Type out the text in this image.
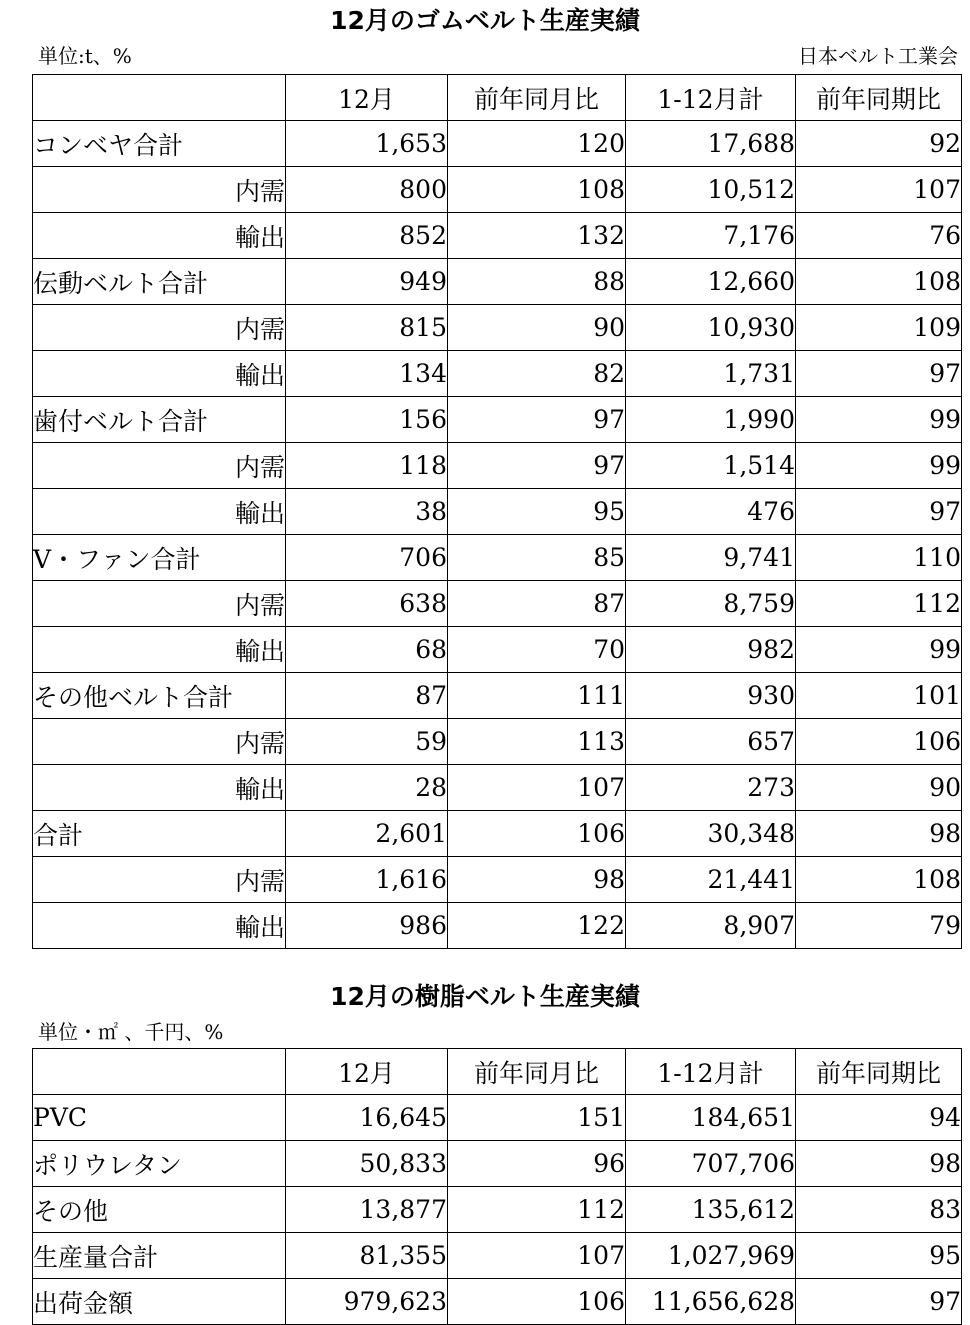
12月のゴムベルト生産実績
単位:t、%	日本ベルト工業会
	12月	前年同月比	1-12月計	前年同期比
コンベヤ合計	1,653	120	17,688	92
内需	800	108	10,512	107
輸出	852	132	7,176	76
伝動ベルト合計	949	88	12,660	108
内需	815	90	10,930	109
輸出	134	82	1,731	97
歯付ベルト合計	156	97	1,990	99
内需	118	97	1,514	99
輸出	38	95	476	97
V・ファン合計	706	85	9,741	110
内需	638	87	8,759	112
輸出	68	70	982	99
その他ベルト合計	87	111	930	101
内需	59	113	657	106
輸出	28	107	273	90
合計	2,601	106	30,348	98
内需	1,616	98	21,441	108
輸出	986	122	8,907	79
12月の樹脂ベルト生産実績
単位・㎡ 、千円、%
	12月	前年同月比	1-12月計	前年同期比
PVC	16,645	151	184,651	94
ポリウレタン	50,833	96	707,706	98
その他	13,877	112	135,612	83
生産量合計	81,355	107	1,027,969	95
出荷金額	979,623	106	11,656,628	97
